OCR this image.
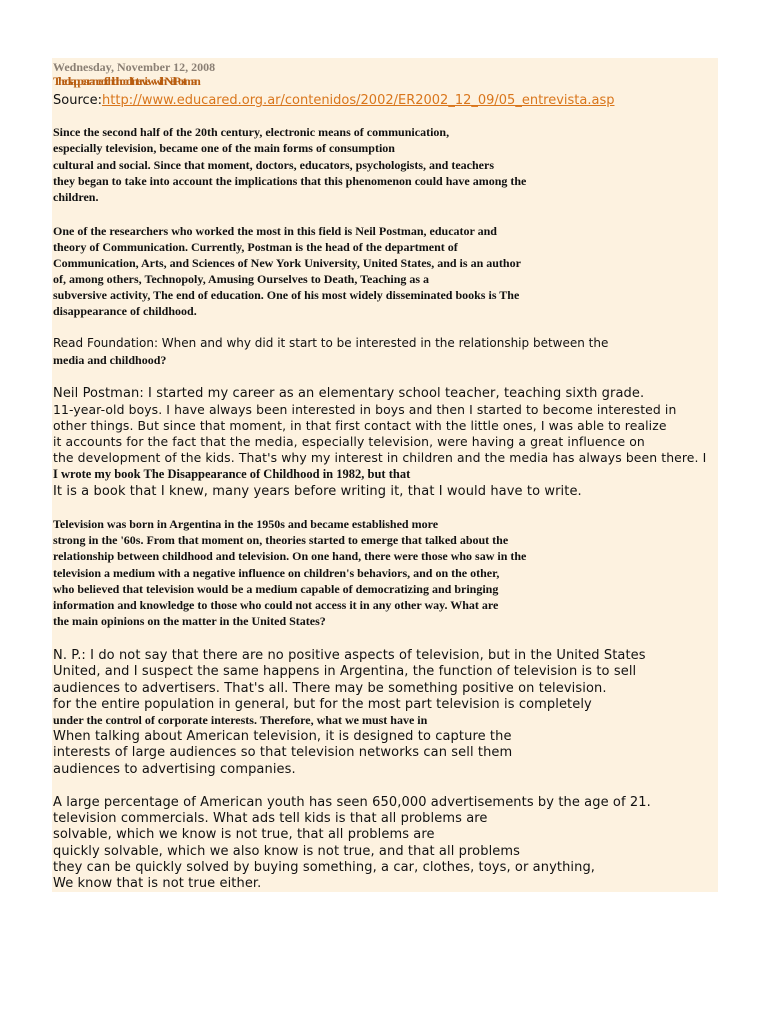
Wednesday, November 12, 2008

The disappearance of childhood. Interview with Neil Postman

Source:http://www.educared.org.ar/contenidos/2002/ER2002_12_09/05_entrevista.asp

Since the second half of the 20th century, electronic means of communication,

especially television, became one of the main forms of consumption

cultural and social. Since that moment, doctors, educators, psychologists, and teachers

they began to take into account the implications that this phenomenon could have among the

children.

One of the researchers who worked the most in this field is Neil Postman, educator and

theory of Communication. Currently, Postman is the head of the department of

Communication, Arts, and Sciences of New York University, United States, and is an author

of, among others, Technopoly, Amusing Ourselves to Death, Teaching as a

subversive activity, The end of education. One of his most widely disseminated books is The

disappearance of childhood.

Read Foundation: When and why did it start to be interested in the relationship between the

media and childhood?

Neil Postman: I started my career as an elementary school teacher, teaching sixth grade.

11-year-old boys. I have always been interested in boys and then I started to become interested in

other things. But since that moment, in that first contact with the little ones, I was able to realize

it accounts for the fact that the media, especially television, were having a great influence on

the development of the kids. That's why my interest in children and the media has always been there. I

I wrote my book The Disappearance of Childhood in 1982, but that

It is a book that I knew, many years before writing it, that I would have to write.

Television was born in Argentina in the 1950s and became established more

strong in the '60s. From that moment on, theories started to emerge that talked about the

relationship between childhood and television. On one hand, there were those who saw in the

television a medium with a negative influence on children's behaviors, and on the other,

who believed that television would be a medium capable of democratizing and bringing

information and knowledge to those who could not access it in any other way. What are

the main opinions on the matter in the United States?

N. P.: I do not say that there are no positive aspects of television, but in the United States

United, and I suspect the same happens in Argentina, the function of television is to sell

audiences to advertisers. That's all. There may be something positive on television.

for the entire population in general, but for the most part television is completely

under the control of corporate interests. Therefore, what we must have in

When talking about American television, it is designed to capture the

interests of large audiences so that television networks can sell them

audiences to advertising companies.

A large percentage of American youth has seen 650,000 advertisements by the age of 21.

television commercials. What ads tell kids is that all problems are

solvable, which we know is not true, that all problems are

quickly solvable, which we also know is not true, and that all problems

they can be quickly solved by buying something, a car, clothes, toys, or anything,

We know that is not true either.
